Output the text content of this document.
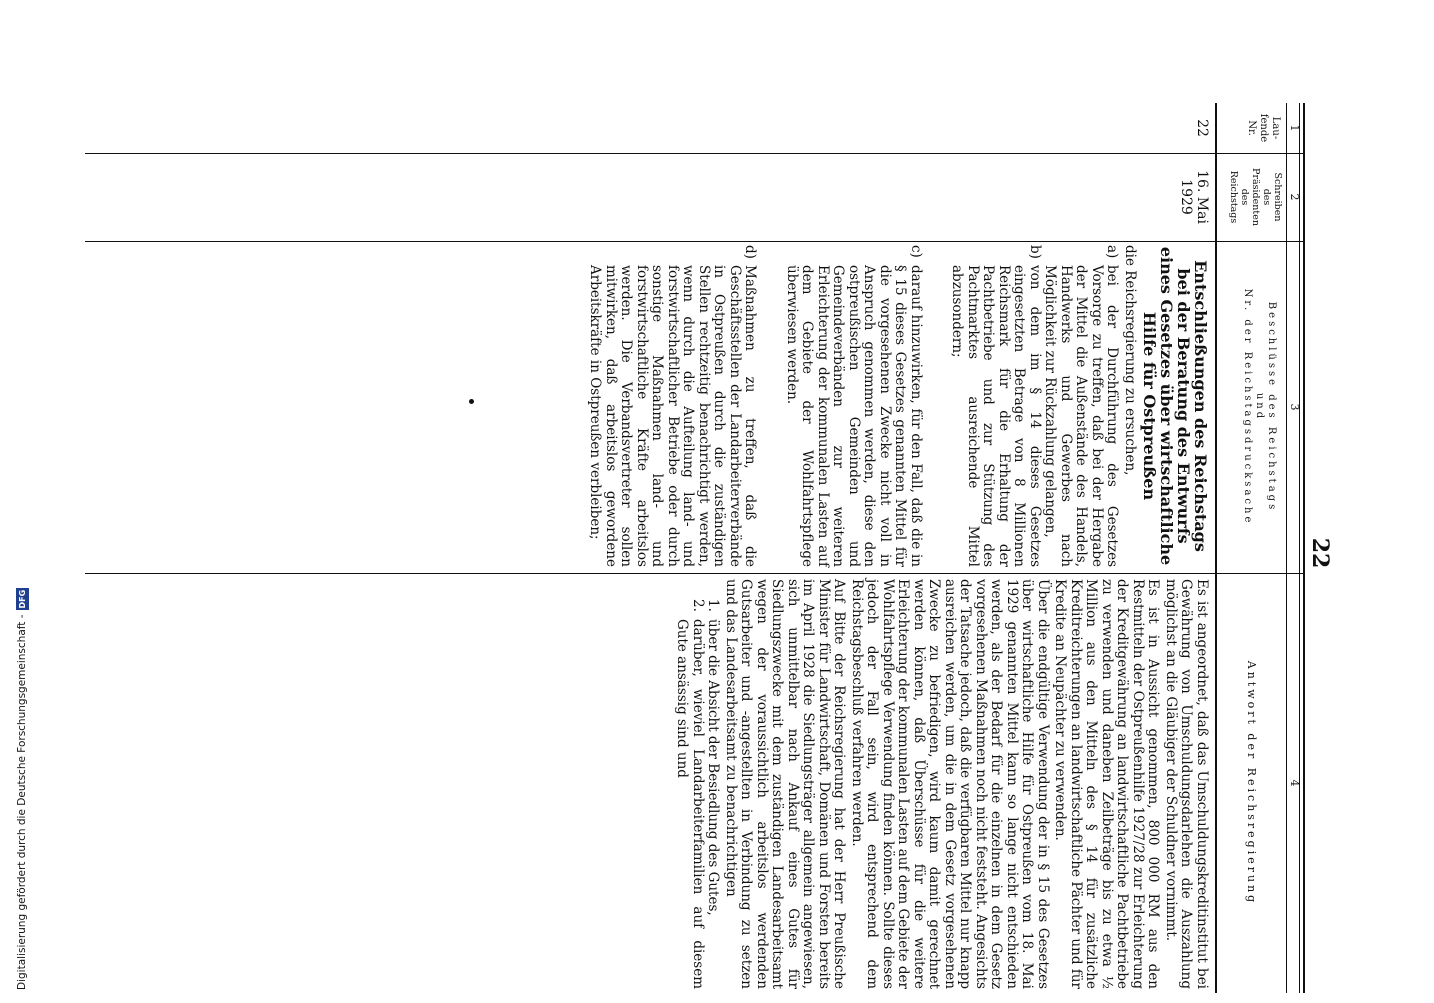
22
1
2
3
4
Lau-
fende
Nr.
Schreiben
des
Präsidenten
des
Reichstags
Beschlüsse des Reichstags
und
Nr. der Reichstagsdrucksache
Antwort der Reichsregierung
22
16. Mai
1929
Entschließungen des Reichstags bei der Beratung des Entwurfs eines Gesetzes über wirtschaftliche Hilfe für Ostpreußen

die Reichsregierung zu ersuchen,

a)
bei der Durchführung des Gesetzes Vorsorge zu treffen, daß bei der Hergabe der Mittel die Außenstände des Handels, Handwerks und Gewerbes nach Möglichkeit zur Rückzahlung gelangen,
b)
von dem im § 14 dieses Gesetzes eingesetzten Betrage von 8 Millionen Reichsmark für die Erhaltung der Pachtbetriebe und zur Stützung des Pachtmarktes ausreichende Mittel abzusondern;
c)
darauf hinzuwirken, für den Fall, daß die in § 15 dieses Gesetzes genannten Mittel für die vorgesehenen Zwecke nicht voll in Anspruch genommen werden, diese den ostpreußischen Gemeinden und Gemeindeverbänden zur weiteren Erleichterung der kommunalen Lasten auf dem Gebiete der Wohlfahrtspflege überwiesen werden.
d)
Maßnahmen zu treffen, daß die Geschäftsstellen der Landarbeiterverbände in Ostpreußen durch die zuständigen Stellen rechtzeitig benachrichtigt werden, wenn durch die Aufteilung land- und forstwirtschaftlicher Betriebe oder durch sonstige Maßnahmen land- und forstwirtschaftliche Kräfte arbeitslos werden. Die Verbandsvertreter sollen mitwirken, daß arbeitslos gewordene Arbeitskräfte in Ostpreußen verbleiben;

Es ist angeordnet, daß das Umschuldungskreditinstitut bei Gewährung von Umschuldungsdarlehen die Auszahlung möglichst an die Gläubiger der Schuldner vornimmt.

Es ist in Aussicht genommen, 800 000 RM aus den Restmitteln der Ostpreußenhilfe 1927/28 zur Erleichterung der Kreditgewährung an landwirtschaftliche Pachtbetriebe zu verwenden und daneben Zeilbeträge bis zu etwa ½ Million aus den Mitteln des § 14 für zusätzliche Kreditreichterungen an landwirtschaftliche Pächter und für Kredite an Neupächter zu verwenden.

Über die endgültige Verwendung der in § 15 des Gesetzes über wirtschaftliche Hilfe für Ostpreußen vom 18. Mai 1929 genannten Mittel kann so lange nicht entschieden werden, als der Bedarf für die einzelnen in dem Gesetz vorgesehenen Maßnahmen noch nicht feststeht. Angesichts der Tatsache jedoch, daß die verfügbaren Mittel nur knapp ausreichen werden, um die in dem Gesetz vorgesehenen Zwecke zu befriedigen, wird kaum damit gerechnet werden können, daß Überschüsse für die weitere Erleichterung der kommunalen Lasten auf dem Gebiete der Wohlfahrtspflege Verwendung finden können. Sollte dieses jedoch der Fall sein, wird entsprechend dem Reichstagsbeschluß verfahren werden.

Auf Bitte der Reichsregierung hat der Herr Preußische Minister für Landwirtschaft, Domänen und Forsten bereits im April 1928 die Siedlungsträger allgemein angewiesen, sich unmittelbar nach Ankauf eines Gutes für Siedlungszwecke mit dem zuständigen Landesarbeitsamt wegen der voraussichtlich arbeitslos werdenden Gutsarbeiter und -angestellten in Verbindung zu setzen und das Landesarbeitsamt zu benachrichtigen

1.
über die Absicht der Besiedlung des Gutes,
2.
darüber, wieviel Landarbeiterfamilien auf diesem Gute ansässig sind und
Digitalisierung gefördert durch die Deutsche Forschungsgemeinschaft -
DFG
